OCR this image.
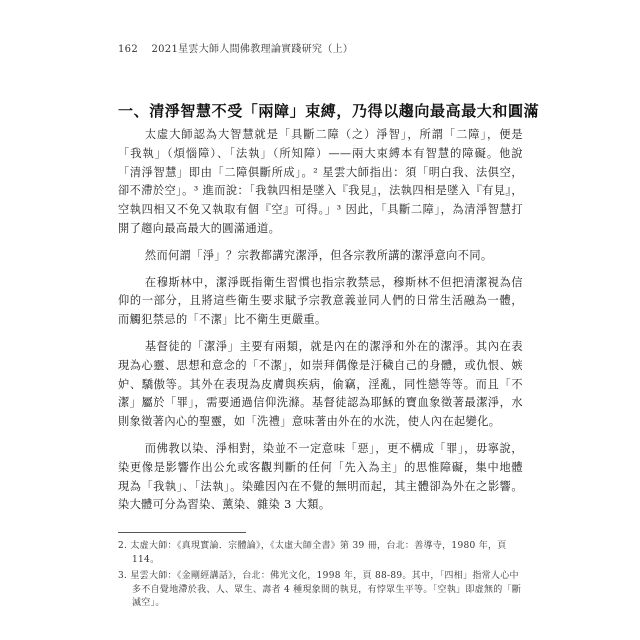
162 2021星雲大師人間佛教理論實踐研究（上）
一、清淨智慧不受「兩障」束縛，乃得以趨向最高最大和圓滿

太虛大師認為大智慧就是「具斷二障（之）淨智」，所謂「二障」，便是「我執」（煩惱障）、「法執」（所知障）——兩大束縛本有智慧的障礙。他說「清淨智慧」即由「二障俱斷所成」。² 星雲大師指出：須「明白我、法俱空，卻不滯於空」。³ 進而說：「我執四相是墜入『我見』，法執四相是墜入『有見』，空執四相又不免又執取有個『空』可得。」³ 因此，「具斷二障」，為清淨智慧打開了趨向最高最大的圓滿通道。

然而何謂「淨」？宗教都講究潔淨，但各宗教所講的潔淨意向不同。

在穆斯林中，潔淨既指衛生習慣也指宗教禁忌，穆斯林不但把清潔視為信仰的一部分，且將這些衛生要求賦予宗教意義並同人們的日常生活融為一體，而觸犯禁忌的「不潔」比不衛生更嚴重。

基督徒的「潔淨」主要有兩類，就是內在的潔淨和外在的潔淨。其內在表現為心靈、思想和意念的「不潔」，如崇拜偶像是汙穢自己的身體，或仇恨、嫉妒、驕傲等。其外在表現為皮膚與疾病，偷竊，淫亂，同性戀等等。而且「不潔」屬於「罪」，需要通過信仰洗滌。基督徒認為耶穌的寶血象徵著最潔淨，水則象徵著內心的聖靈，如「洗禮」意味著由外在的水洗，使人內在起變化。

而佛教以染、淨相對，染並不一定意味「惡」，更不構成「罪」，毋寧說，染更像是影響作出公允或客觀判斷的任何「先入為主」的思惟障礙，集中地體現為「我執」、「法執」。染雖因內在不覺的無明而起，其主體卻為外在之影響。染大體可分為習染、薰染、雜染 3 大類。

2. 太虛大師：《真現實論．宗體論》，《太虛大師全書》第 39 冊，台北：善導寺，1980 年，頁 114。

3. 星雲大師：《金剛經講話》，台北：佛光文化，1998 年，頁 88-89。其中，「四相」指常人心中多不自覺地滯於我、人、眾生、壽者 4 種現象間的執見，有悖眾生平等。「空執」即虛無的「斷滅空」。
